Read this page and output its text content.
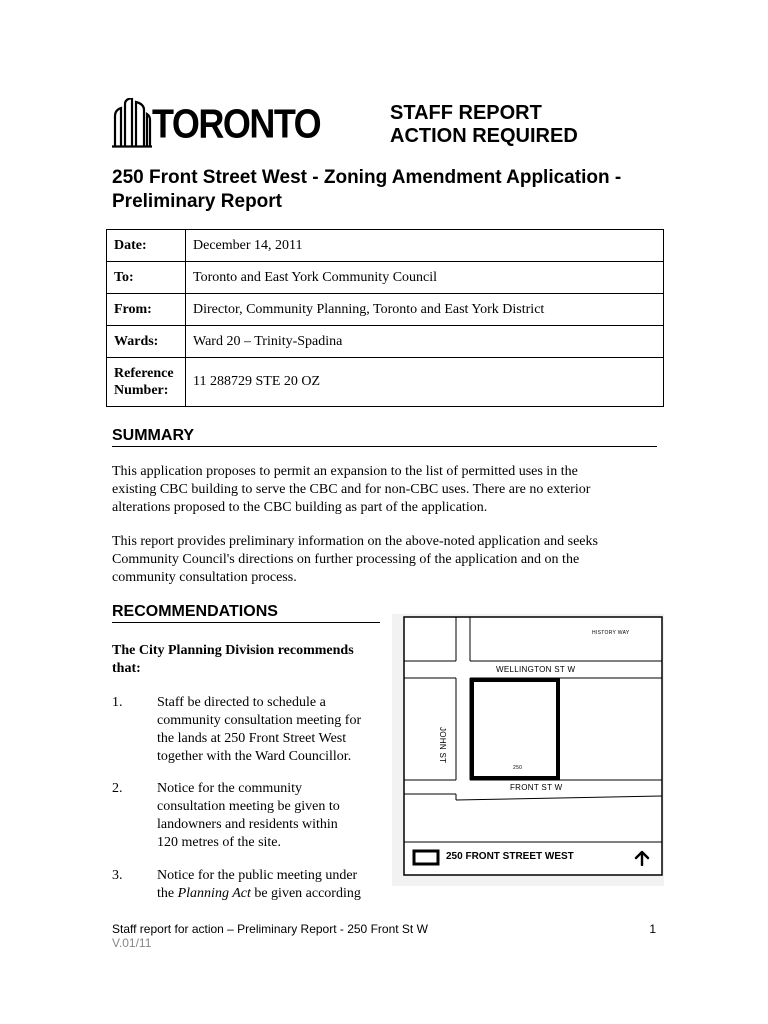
TORONTO	STAFF REPORT
ACTION REQUIRED
250 Front Street West - Zoning Amendment Application -
Preliminary Report
Date:	December 14, 2011
To:	Toronto and East York Community Council
From:	Director, Community Planning, Toronto and East York District
Wards:	Ward 20 – Trinity-Spadina

Reference
Number:	11 288729 STE 20 OZ
SUMMARY
This application proposes to permit an expansion to the list of permitted uses in the
existing CBC building to serve the CBC and for non-CBC uses. There are no exterior
alterations proposed to the CBC building as part of the application.
This report provides preliminary information on the above-noted application and seeks
Community Council's directions on further processing of the application and on the
community consultation process.
RECOMMENDATIONS
The City Planning Division recommends
that:
1. Staff be directed to schedule a
community consultation meeting for
the lands at 250 Front Street West
together with the Ward Councillor.
2. Notice for the community
consultation meeting be given to
landowners and residents within
120 metres of the site.
3. Notice for the public meeting under
the Planning Act be given according
HISTORY WAY
WELLINGTON ST W
JOHN ST
FRONT ST W
250
250 FRONT STREET WEST
Staff report for action – Preliminary Report - 250 Front St W	1
V.01/11
